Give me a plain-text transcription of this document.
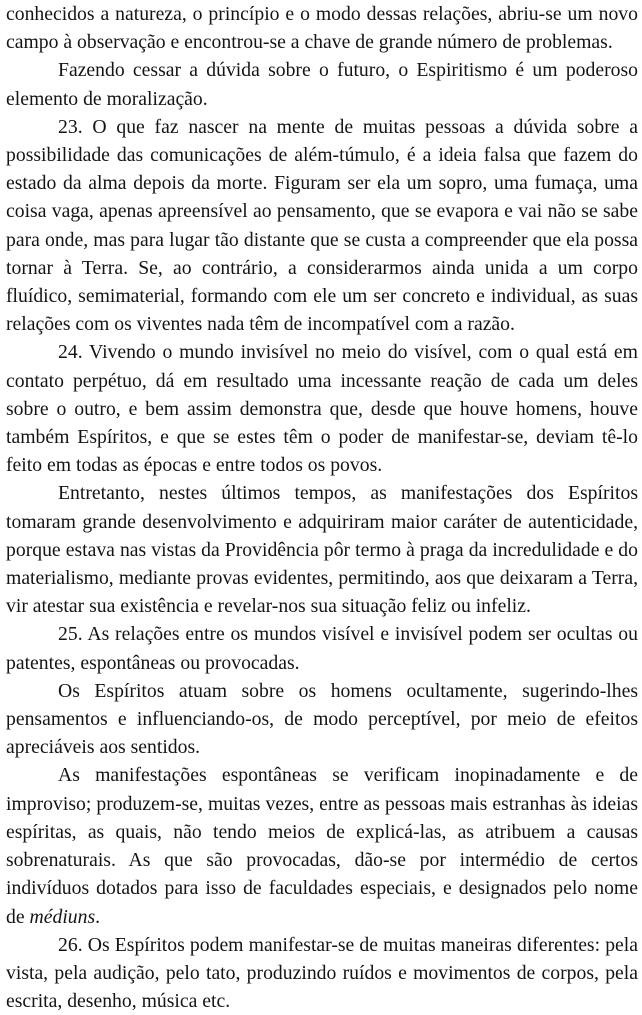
conhecidos a natureza, o princípio e o modo dessas relações, abriu-se um novo campo à observação e encontrou-se a chave de grande número de problemas.

Fazendo cessar a dúvida sobre o futuro, o Espiritismo é um poderoso elemento de moralização.

23. O que faz nascer na mente de muitas pessoas a dúvida sobre a possibilidade das comunicações de além-túmulo, é a ideia falsa que fazem do estado da alma depois da morte. Figuram ser ela um sopro, uma fumaça, uma coisa vaga, apenas apreensível ao pensamento, que se evapora e vai não se sabe para onde, mas para lugar tão distante que se custa a compreender que ela possa tornar à Terra. Se, ao contrário, a considerarmos ainda unida a um corpo fluídico, semimaterial, formando com ele um ser concreto e individual, as suas relações com os viventes nada têm de incompatível com a razão.

24. Vivendo o mundo invisível no meio do visível, com o qual está em contato perpétuo, dá em resultado uma incessante reação de cada um deles sobre o outro, e bem assim demonstra que, desde que houve homens, houve também Espíritos, e que se estes têm o poder de manifestar-se, deviam tê-lo feito em todas as épocas e entre todos os povos.

Entretanto, nestes últimos tempos, as manifestações dos Espíritos tomaram grande desenvolvimento e adquiriram maior caráter de autenticidade, porque estava nas vistas da Providência pôr termo à praga da incredulidade e do materialismo, mediante provas evidentes, permitindo, aos que deixaram a Terra, vir atestar sua existência e revelar-nos sua situação feliz ou infeliz.

25. As relações entre os mundos visível e invisível podem ser ocultas ou patentes, espontâneas ou provocadas.

Os Espíritos atuam sobre os homens ocultamente, sugerindo-lhes pensamentos e influenciando-os, de modo perceptível, por meio de efeitos apreciáveis aos sentidos.

As manifestações espontâneas se verificam inopinadamente e de improviso; produzem-se, muitas vezes, entre as pessoas mais estranhas às ideias espíritas, as quais, não tendo meios de explicá-las, as atribuem a causas sobrenaturais. As que são provocadas, dão-se por intermédio de certos indivíduos dotados para isso de faculdades especiais, e designados pelo nome de médiuns.

26. Os Espíritos podem manifestar-se de muitas maneiras diferentes: pela vista, pela audição, pelo tato, produzindo ruídos e movimentos de corpos, pela escrita, desenho, música etc.
